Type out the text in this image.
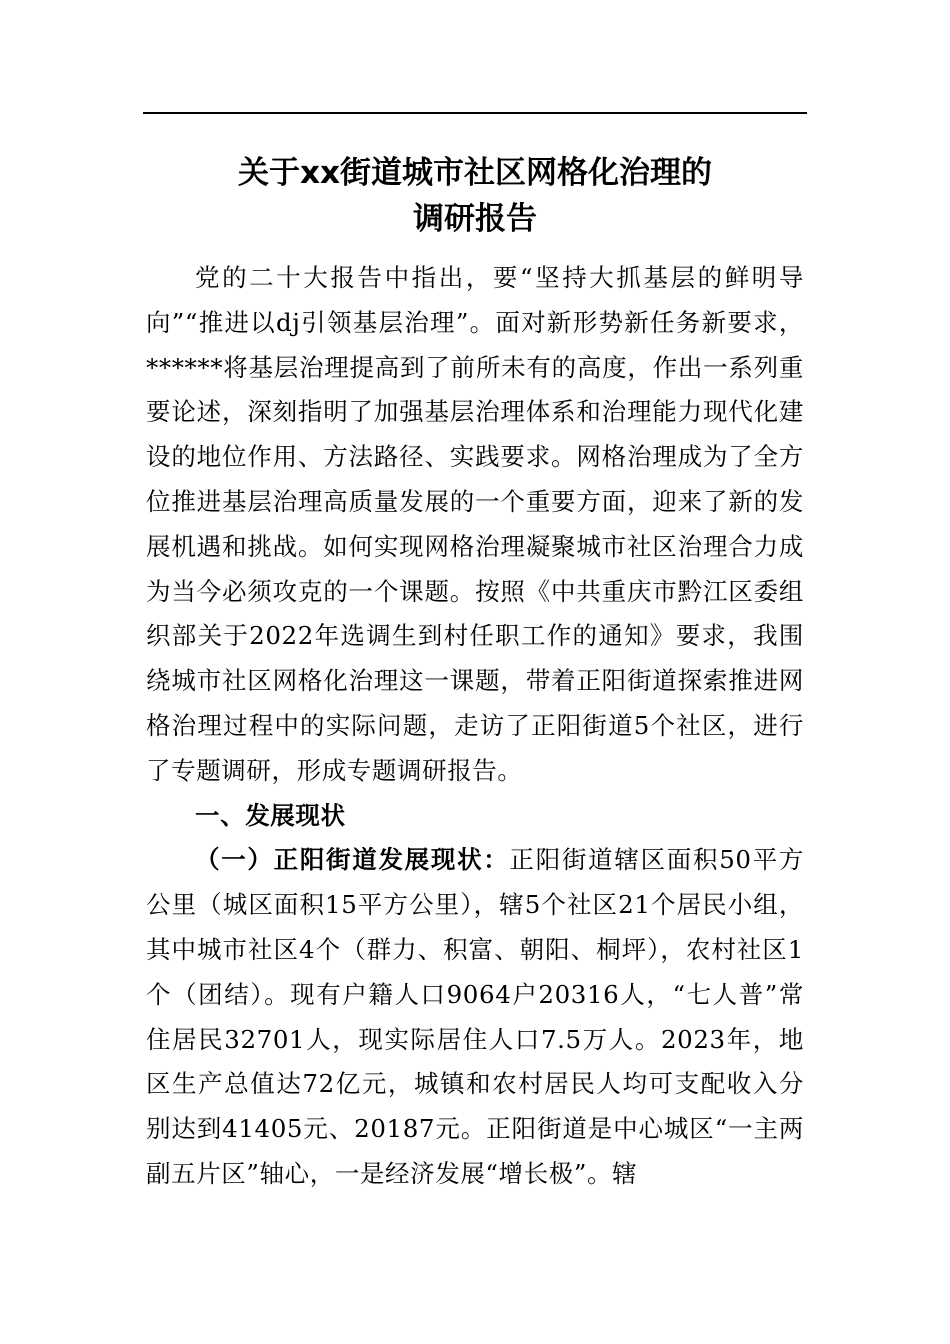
关于xx街道城市社区网格化治理的
调研报告

党的二十大报告中指出，要“坚持大抓基层的鲜明导向”“推进以dj引领基层治理”。面对新形势新任务新要求，******将基层治理提高到了前所未有的高度，作出一系列重要论述，深刻指明了加强基层治理体系和治理能力现代化建设的地位作用、方法路径、实践要求。网格治理成为了全方位推进基层治理高质量发展的一个重要方面，迎来了新的发展机遇和挑战。如何实现网格治理凝聚城市社区治理合力成为当今必须攻克的一个课题。按照《中共重庆市黔江区委组织部关于2022年选调生到村任职工作的通知》要求，我围绕城市社区网格化治理这一课题，带着正阳街道探索推进网格治理过程中的实际问题，走访了正阳街道5个社区，进行了专题调研，形成专题调研报告。

一、发展现状

（一）正阳街道发展现状：正阳街道辖区面积50平方公里（城区面积15平方公里），辖5个社区21个居民小组，其中城市社区4个（群力、积富、朝阳、桐坪），农村社区1个（团结）。现有户籍人口9064户20316人，“七人普”常住居民32701人，现实际居住人口7.5万人。2023年，地区生产总值达72亿元，城镇和农村居民人均可支配收入分别达到41405元、20187元。正阳街道是中心城区“一主两副五片区”轴心，一是经济发展“增长极”。辖
